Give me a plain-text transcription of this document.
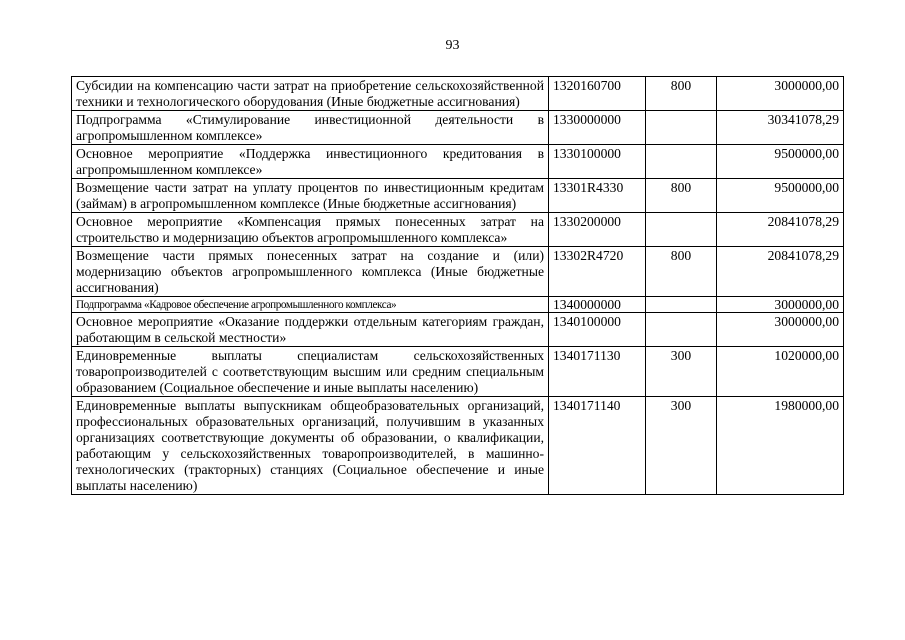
93
Субсидии на компенсацию части затрат на приобретение сельскохозяйственной техники и технологического оборудования (Иные бюджетные ассигнования)	1320160700	800	3000000,00
Подпрограмма «Стимулирование инвестиционной деятельности в агропромышленном комплексе»	1330000000		30341078,29
Основное мероприятие «Поддержка инвестиционного кредитования в агропромышленном комплексе»	1330100000		9500000,00
Возмещение части затрат на уплату процентов по инвестиционным кредитам (займам) в агропромышленном комплексе (Иные бюджетные ассигнования)	13301R4330	800	9500000,00
Основное мероприятие «Компенсация прямых понесенных затрат на строительство и модернизацию объектов агропромышленного комплекса»	1330200000		20841078,29
Возмещение части прямых понесенных затрат на создание и (или) модернизацию объектов агропромышленного комплекса (Иные бюджетные ассигнования)	13302R4720	800	20841078,29
Подпрограмма «Кадровое обеспечение агропромышленного комплекса»	1340000000		3000000,00
Основное мероприятие «Оказание поддержки отдельным категориям граждан, работающим в сельской местности»	1340100000		3000000,00
Единовременные выплаты специалистам сельскохозяйственных товаропроизводителей с соответствующим высшим или средним специальным образованием (Социальное обеспечение и иные выплаты населению)	1340171130	300	1020000,00
Единовременные выплаты выпускникам общеобразовательных организаций, профессиональных образовательных организаций, получившим в указанных организациях соответствующие документы об образовании, о квалификации, работающим у сельскохозяйственных товаропроизводителей, в машинно-технологических (тракторных) станциях (Социальное обеспечение и иные выплаты населению)	1340171140	300	1980000,00
